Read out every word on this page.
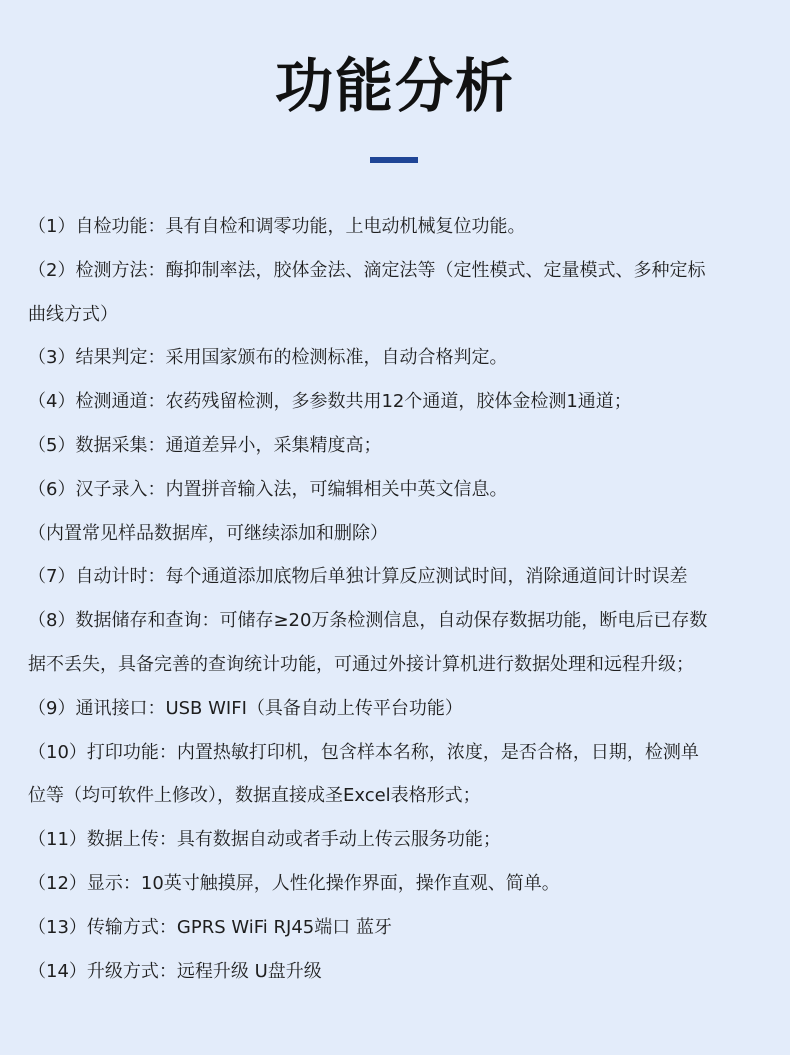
功能分析
（1）自检功能：具有自检和调零功能，上电动机械复位功能。
（2）检测方法：酶抑制率法，胶体金法、滴定法等（定性模式、定量模式、多种定标
曲线方式）
（3）结果判定：采用国家颁布的检测标准，自动合格判定。
（4）检测通道：农药残留检测，多参数共用12个通道，胶体金检测1通道；
（5）数据采集：通道差异小，采集精度高；
（6）汉子录入：内置拼音输入法，可编辑相关中英文信息。
（内置常见样品数据库，可继续添加和删除）
（7）自动计时：每个通道添加底物后单独计算反应测试时间，消除通道间计时误差
（8）数据储存和查询：可储存≥20万条检测信息，自动保存数据功能，断电后已存数
据不丢失，具备完善的查询统计功能，可通过外接计算机进行数据处理和远程升级；
（9）通讯接口：USB WIFI（具备自动上传平台功能）
（10）打印功能：内置热敏打印机，包含样本名称，浓度，是否合格，日期，检测单
位等（均可软件上修改），数据直接成圣Excel表格形式；
（11）数据上传：具有数据自动或者手动上传云服务功能；
（12）显示：10英寸触摸屏，人性化操作界面，操作直观、简单。
（13）传输方式：GPRS WiFi RJ45端口 蓝牙
（14）升级方式：远程升级 U盘升级
